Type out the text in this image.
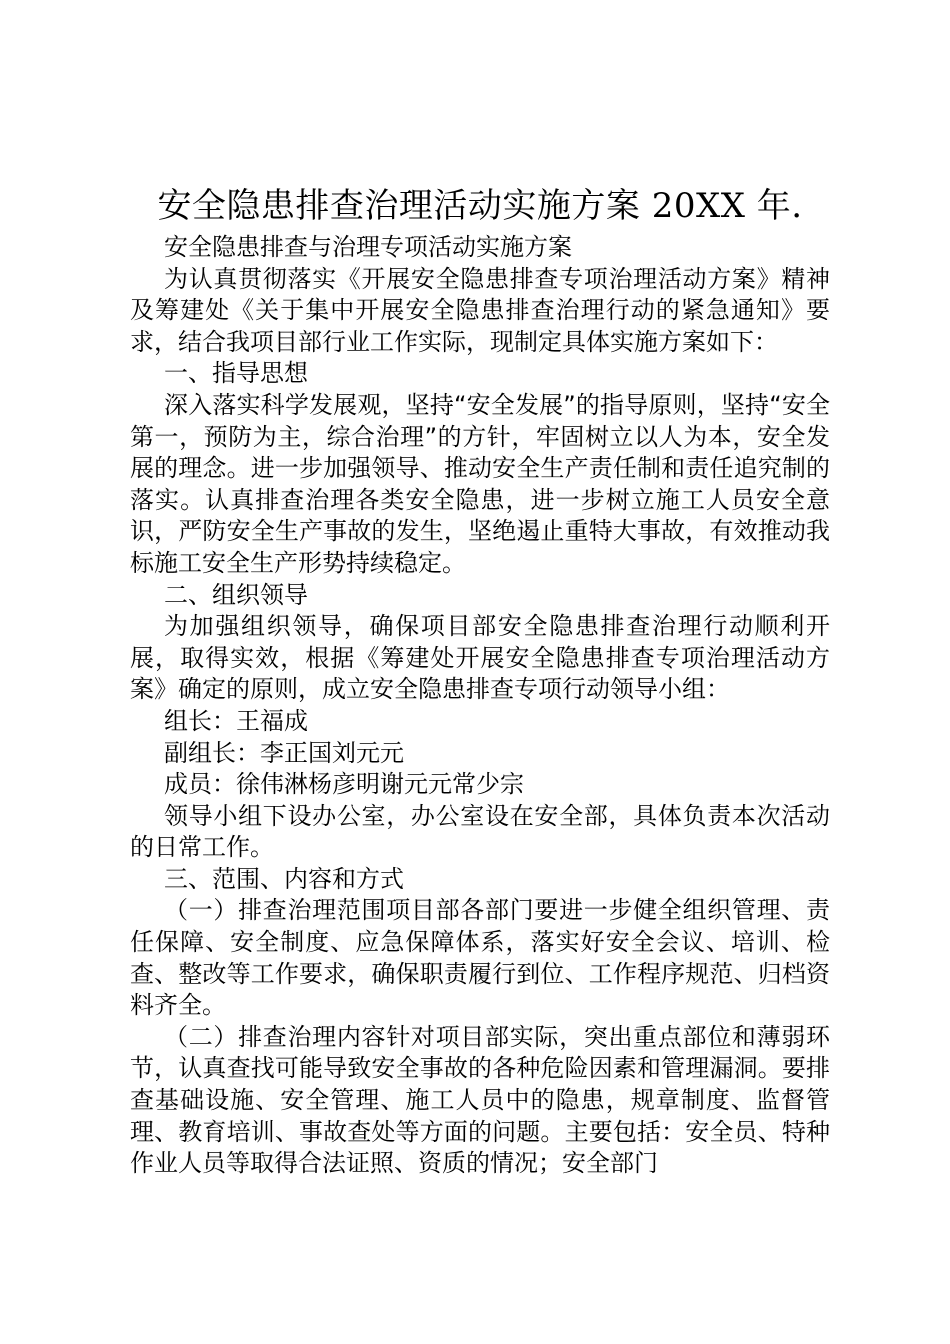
安全隐患排查治理活动实施方案 20XX 年.

安全隐患排查与治理专项活动实施方案

为认真贯彻落实《开展安全隐患排查专项治理活动方案》精神及筹建处《关于集中开展安全隐患排查治理行动的紧急通知》要求，结合我项目部行业工作实际，现制定具体实施方案如下：

一、指导思想

深入落实科学发展观，坚持“安全发展”的指导原则，坚持“安全第一，预防为主，综合治理”的方针，牢固树立以人为本，安全发展的理念。进一步加强领导、推动安全生产责任制和责任追究制的落实。认真排查治理各类安全隐患，进一步树立施工人员安全意识，严防安全生产事故的发生，坚绝遏止重特大事故，有效推动我标施工安全生产形势持续稳定。

二、组织领导

为加强组织领导，确保项目部安全隐患排查治理行动顺利开展，取得实效，根据《筹建处开展安全隐患排查专项治理活动方案》确定的原则，成立安全隐患排查专项行动领导小组：

组长：王福成

副组长：李正国刘元元

成员：徐伟淋杨彦明谢元元常少宗

领导小组下设办公室，办公室设在安全部，具体负责本次活动的日常工作。

三、范围、内容和方式

（一）排查治理范围项目部各部门要进一步健全组织管理、责任保障、安全制度、应急保障体系，落实好安全会议、培训、检查、整改等工作要求，确保职责履行到位、工作程序规范、归档资料齐全。

（二）排查治理内容针对项目部实际，突出重点部位和薄弱环节，认真查找可能导致安全事故的各种危险因素和管理漏洞。要排查基础设施、安全管理、施工人员中的隐患，规章制度、监督管理、教育培训、事故查处等方面的问题。主要包括：安全员、特种作业人员等取得合法证照、资质的情况；安全部门
